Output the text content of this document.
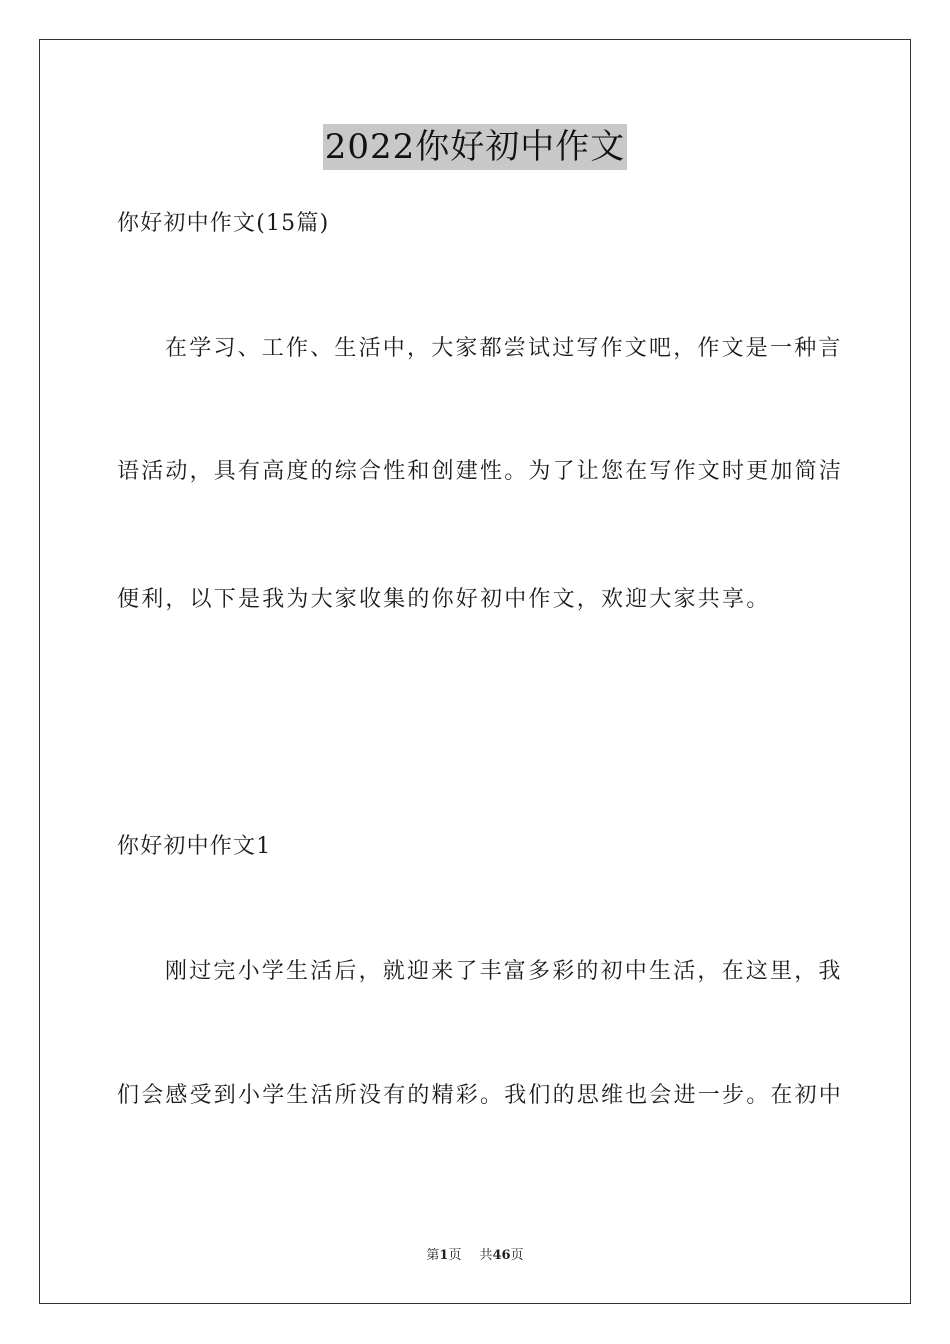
2022你好初中作文
你好初中作文(15篇)
在学习、工作、生活中，大家都尝试过写作文吧，作文是一种言
语活动，具有高度的综合性和创建性。为了让您在写作文时更加简洁
便利，以下是我为大家收集的你好初中作文，欢迎大家共享。
你好初中作文1
刚过完小学生活后，就迎来了丰富多彩的初中生活，在这里，我
们会感受到小学生活所没有的精彩。我们的思维也会进一步。在初中
第1页 共46页
